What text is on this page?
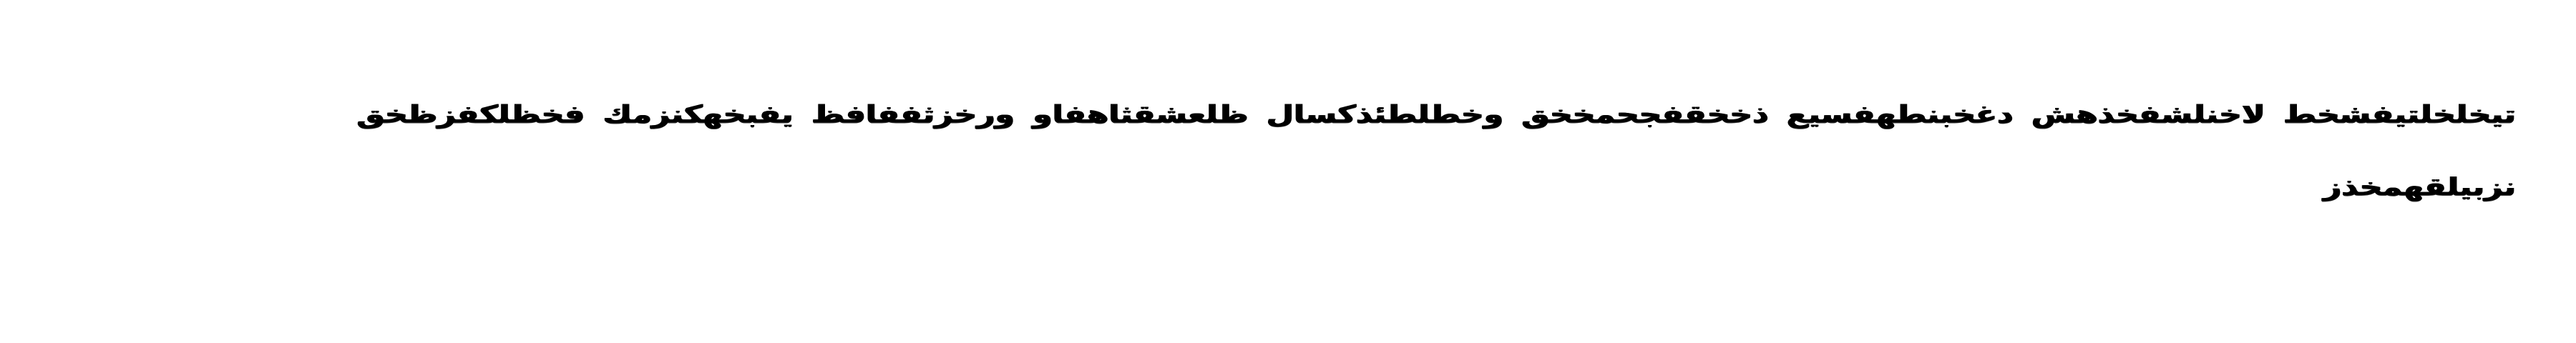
تيخلخلتيفشخط لاخنلشفخذهش دغخبنطهفسيع ذخخقفجحمخخق وخطلطئذكسال ظلعشقثاهفاو ورخزثففافظ يفبخهكنزمك فخظلكفزظخق
نزبيلقهمخذز
